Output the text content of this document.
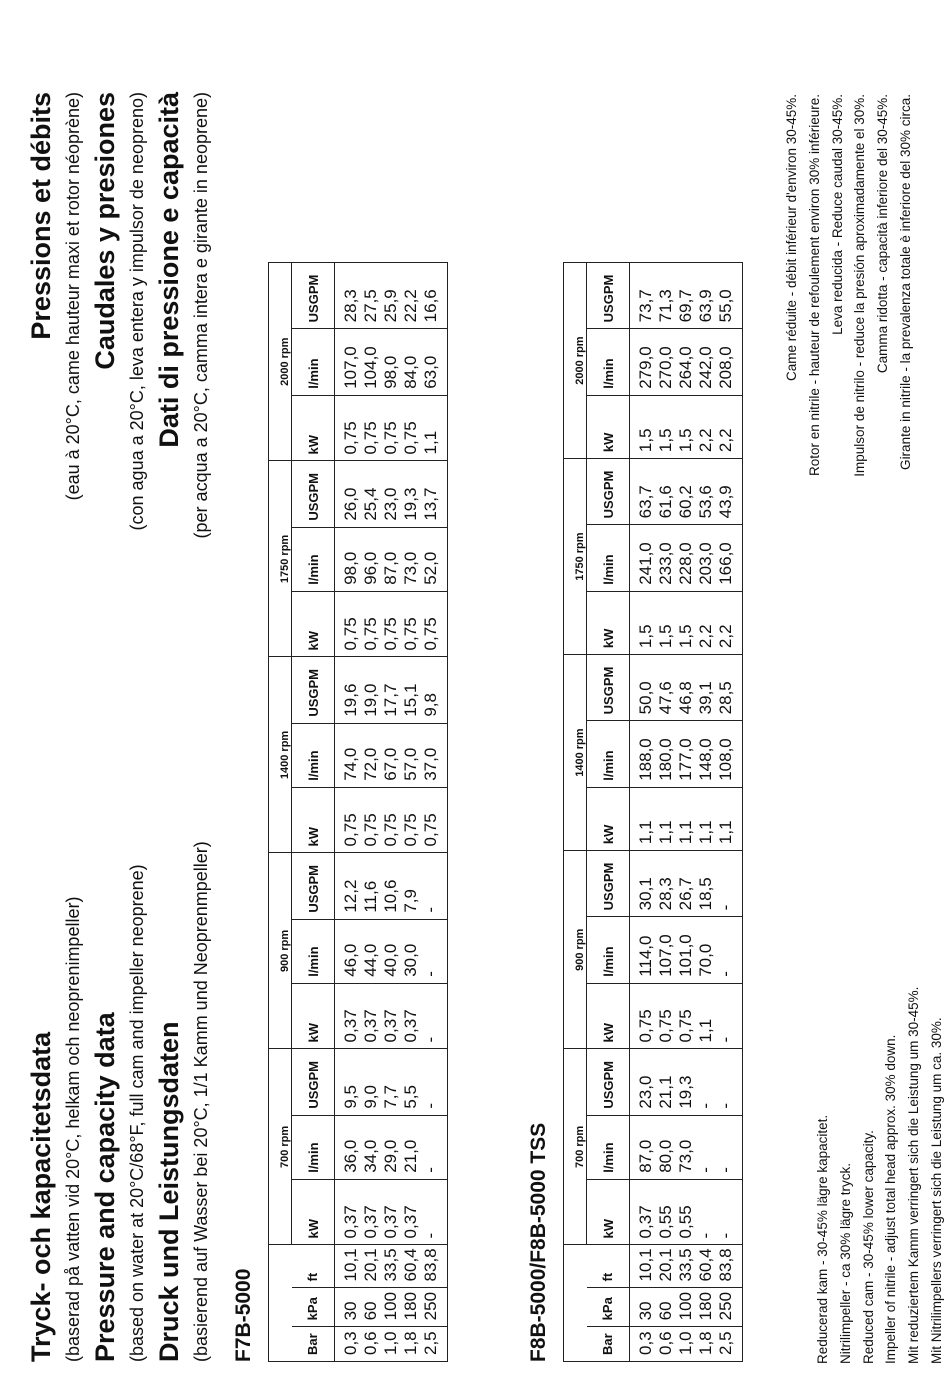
Tryck- och kapacitetsdata (baserad på vatten vid 20°C, helkam och neoprenimpeller) Pressure and capacity data (based on water at 20°C/68°F, full cam and impeller neoprene) Druck und Leistungsdaten (basierend auf Wasser bei 20°C, 1/1 Kamm und Neoprenmpeller)
Pressions et débits (eau à 20°C, came hauteur maxi et rotor néoprène) Caudales y presiones (con agua a 20°C, leva entera y impulsor de neopreno) Dati di pressione e capacità (per acqua a 20°C, camma intera e girante in neoprene)
F7B-5000
			700 rpm			900 rpm			1400 rpm			1750 rpm			2000 rpm		
Bar	kPa	ft	kW	l/min	USGPM	kW	l/min	USGPM	kW	l/min	USGPM	kW	l/min	USGPM	kW	l/min	USGPM
0,3	30	10,1	0,37	36,0	9,5	0,37	46,0	12,2	0,75	74,0	19,6	0,75	98,0	26,0	0,75	107,0	28,3
0,6	60	20,1	0,37	34,0	9,0	0,37	44,0	11,6	0,75	72,0	19,0	0,75	96,0	25,4	0,75	104,0	27,5
1,0	100	33,5	0,37	29,0	7,7	0,37	40,0	10,6	0,75	67,0	17,7	0,75	87,0	23,0	0,75	98,0	25,9
1,8	180	60,4	0,37	21,0	5,5	0,37	30,0	7,9	0,75	57,0	15,1	0,75	73,0	19,3	0,75	84,0	22,2
2,5	250	83,8	-	-	-	-	-	-	0,75	37,0	9,8	0,75	52,0	13,7	1,1	63,0	16,6
F8B-5000/F8B-5000 TSS
			700 rpm			900 rpm			1400 rpm			1750 rpm			2000 rpm		
Bar	kPa	ft	kW	l/min	USGPM	kW	l/min	USGPM	kW	l/min	USGPM	kW	l/min	USGPM	kW	l/min	USGPM
0,3	30	10,1	0,37	87,0	23,0	0,75	114,0	30,1	1,1	188,0	50,0	1,5	241,0	63,7	1,5	279,0	73,7
0,6	60	20,1	0,55	80,0	21,1	0,75	107,0	28,3	1,1	180,0	47,6	1,5	233,0	61,6	1,5	270,0	71,3
1,0	100	33,5	0,55	73,0	19,3	0,75	101,0	26,7	1,1	177,0	46,8	1,5	228,0	60,2	1,5	264,0	69,7
1,8	180	60,4	-	-	-	1,1	70,0	18,5	1,1	148,0	39,1	2,2	203,0	53,6	2,2	242,0	63,9
2,5	250	83,8	-	-	-	-	-	-	1,1	108,0	28,5	2,2	166,0	43,9	2,2	208,0	55,0
Reducerad kam - 30-45% lägre kapacitet. Nitrilimpeller - ca 30% lägre tryck. Reduced cam - 30-45% lower capacity. Impeller of nitrile - adjust total head approx. 30% down. Mit reduziertem Kamm verringert sich die Leistung um 30-45%. Mit Nitrilimpellers verringert sich die Leistung um ca. 30%.
Came réduite - débit inférieur d'environ 30-45%. Rotor en nitrile - hauteur de refoulement environ 30% inférieure. Leva reducida - Reduce caudal 30-45%. Impulsor de nitrilo - reduce la presión aproximadamente el 30%. Camma ridotta - capacità inferiore del 30-45%. Girante in nitrile - la prevalenza totale è inferiore del 30% circa.
